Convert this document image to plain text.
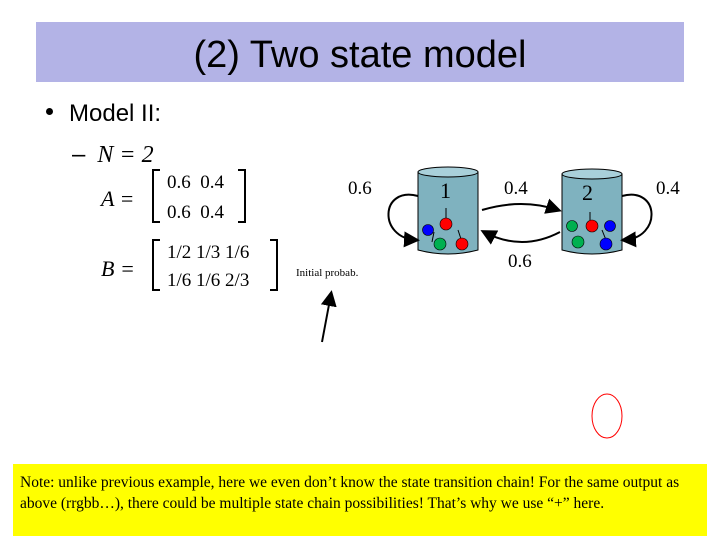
(2) Two state model
Model II:
– N = 2
A =
0.6  0.4
0.6  0.4
B =
1/2 1/3 1/6
1/6 1/6 2/3
1	2
0.6	0.4	0.4
0.6
Initial probab.
Note: unlike previous example, here we even don’t know the state transition chain! For the same output as above (rrgbb…), there could be multiple state chain possibilities! That’s why we use “+” here.
